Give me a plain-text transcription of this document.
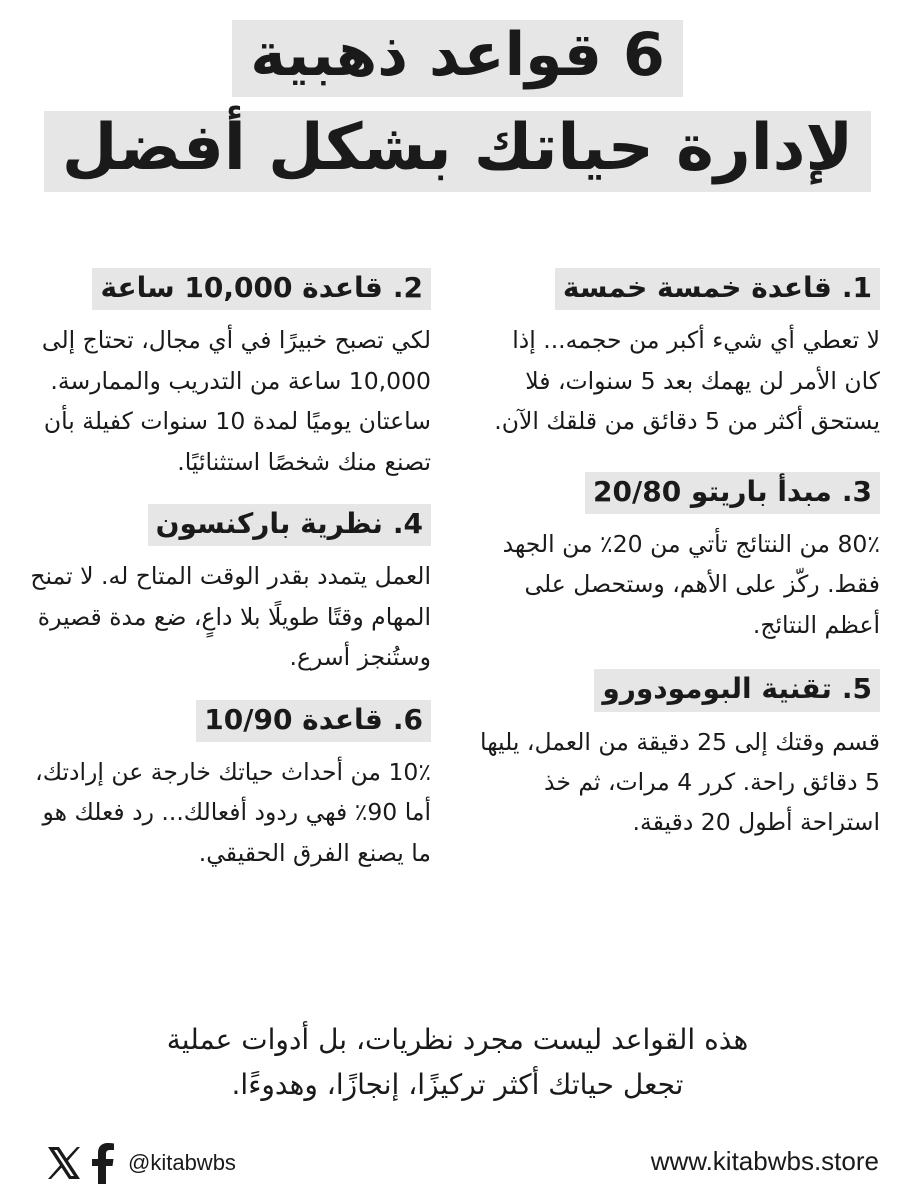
6 قواعد ذهبية
لإدارة حياتك بشكل أفضل
1.قاعدة خمسة خمسة

لا تعطي أي شيء أكبر من حجمه... إذا كان الأمر لن يهمك بعد 5 سنوات، فلا يستحق أكثر من 5 دقائق من قلقك الآن.

3.مبدأ باريتو 20/80

80٪ من النتائج تأتي من 20٪ من الجهد فقط. ركّز على الأهم، وستحصل على أعظم النتائج.

5.تقنية البومودورو

قسم وقتك إلى 25 دقيقة من العمل، يليها 5 دقائق راحة. كرر 4 مرات، ثم خذ استراحة أطول 20 دقيقة.

2.قاعدة 10,000 ساعة

لكي تصبح خبيرًا في أي مجال، تحتاج إلى 10,000 ساعة من التدريب والممارسة. ساعتان يوميًا لمدة 10 سنوات كفيلة بأن تصنع منك شخصًا استثنائيًا.

4.نظرية باركنسون

العمل يتمدد بقدر الوقت المتاح له. لا تمنح المهام وقتًا طويلًا بلا داعٍ، ضع مدة قصيرة وستُنجز أسرع.

6.قاعدة 10/90

10٪ من أحداث حياتك خارجة عن إرادتك، أما 90٪ فهي ردود أفعالك... رد فعلك هو ما يصنع الفرق الحقيقي.

هذه القواعد ليست مجرد نظريات، بل أدوات عملية
تجعل حياتك أكثر تركيزًا، إنجازًا، وهدوءًا.
@kitabwbs	www.kitabwbs.store
